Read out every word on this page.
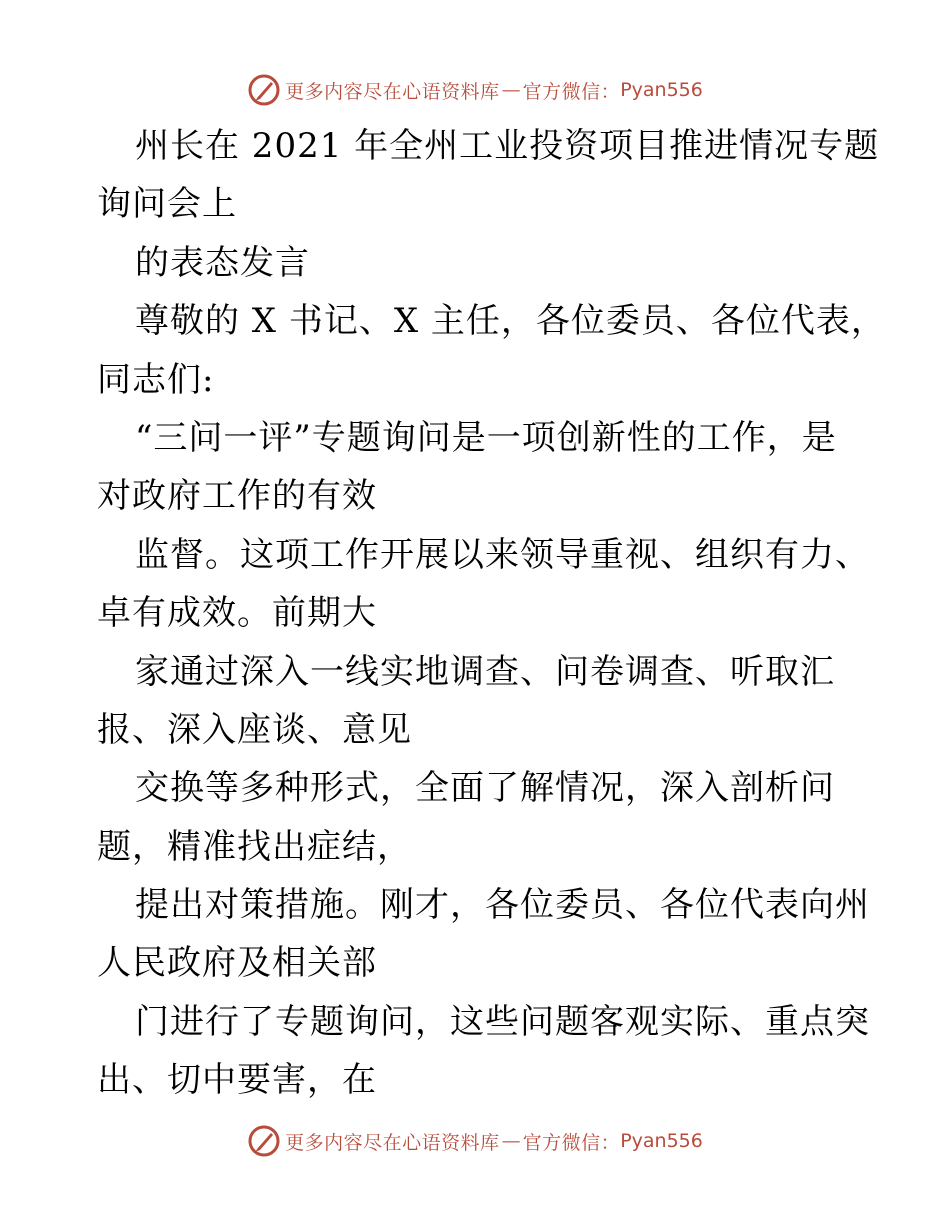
更多内容尽在心语资料库 — 官方微信： Pyan556
州长在 2021 年全州工业投资项目推进情况专题
询问会上
的表态发言
尊敬的 X 书记、X 主任，各位委员、各位代表，
同志们:
“三问一评”专题询问是一项创新性的工作，是
对政府工作的有效
监督。这项工作开展以来领导重视、组织有力、
卓有成效。前期大
家通过深入一线实地调查、问卷调查、听取汇
报、深入座谈、意见
交换等多种形式，全面了解情况，深入剖析问
题，精准找出症结，
提出对策措施。刚才，各位委员、各位代表向州
人民政府及相关部
门进行了专题询问，这些问题客观实际、重点突
出、切中要害，在
更多内容尽在心语资料库 — 官方微信： Pyan556
